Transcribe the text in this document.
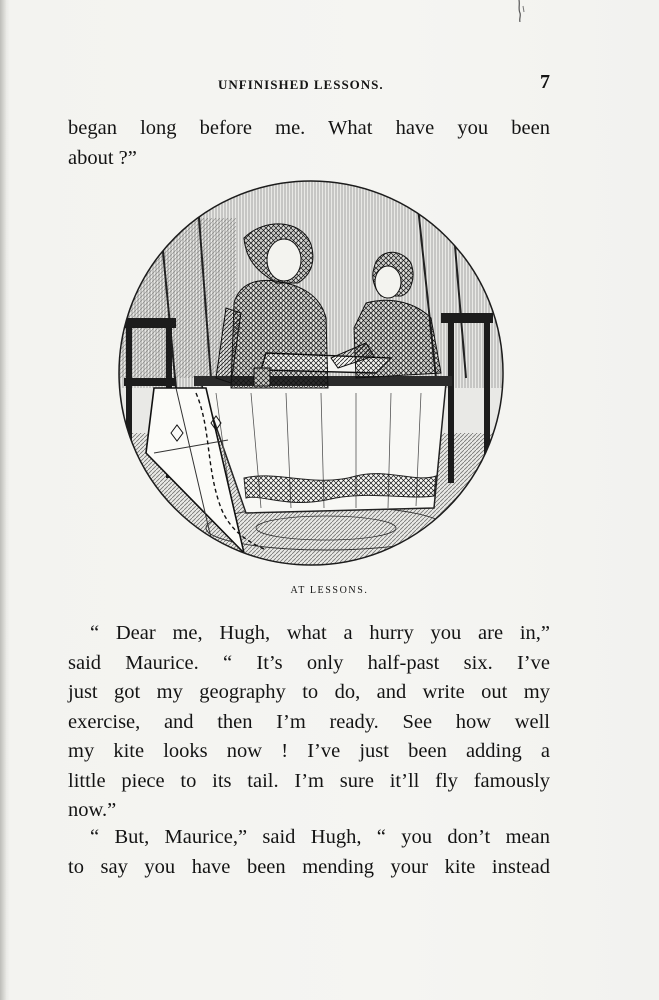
UNFINISHED LESSONS.	7
began long before me. What have you been
about ?”
AT LESSONS.
“ Dear me, Hugh, what a hurry you are in,”
said Maurice. “ It’s only half-past six. I’ve
just got my geography to do, and write out my
exercise, and then I’m ready. See how well
my kite looks now ! I’ve just been adding a
little piece to its tail. I’m sure it’ll fly famously
now.”
“ But, Maurice,” said Hugh, “ you don’t mean
to say you have been mending your kite instead
